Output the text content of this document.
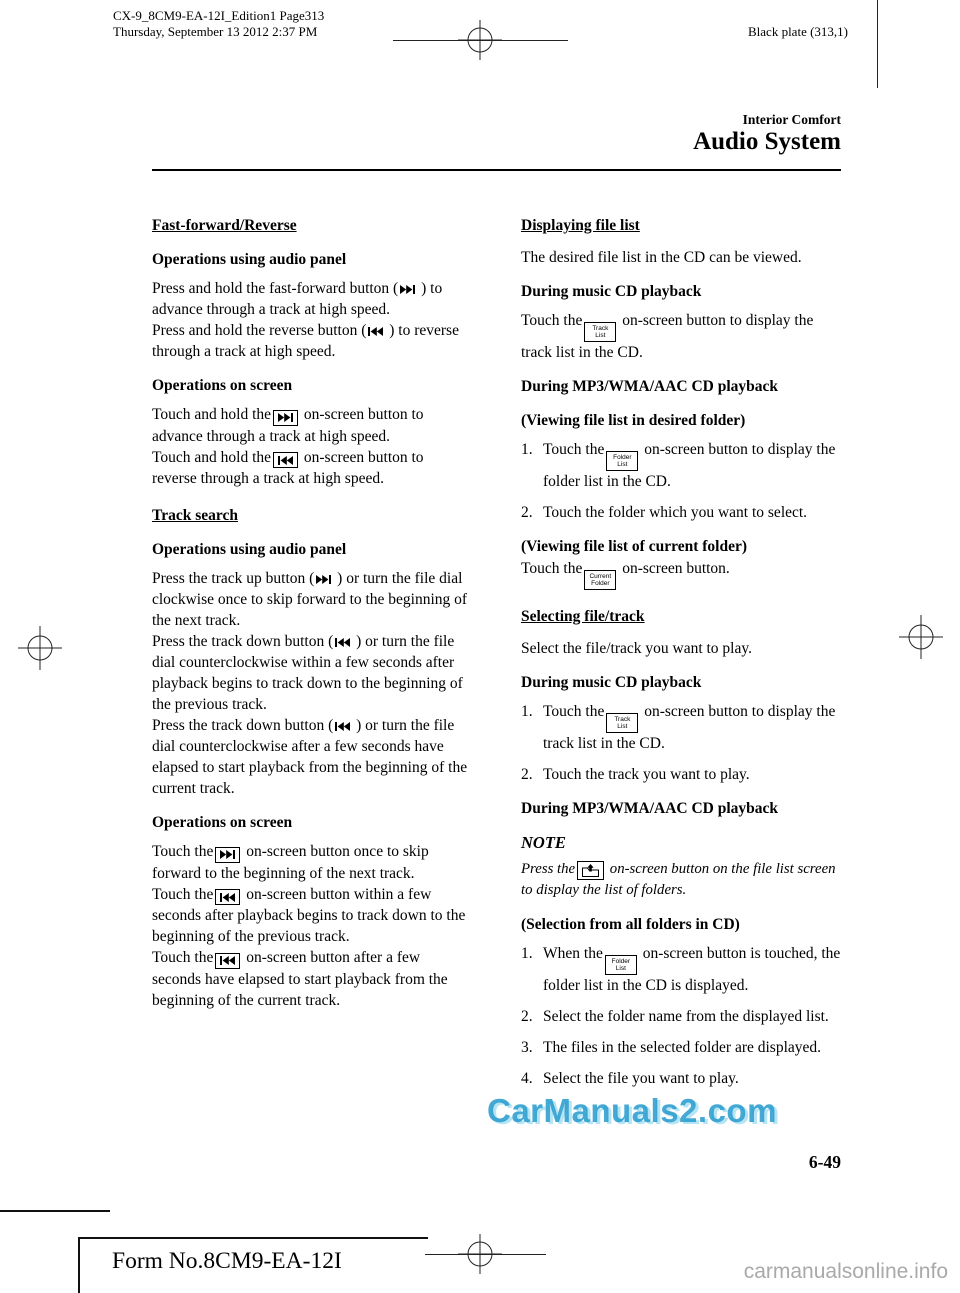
CX-9_8CM9-EA-12I_Edition1 Page313
Thursday, September 13 2012 2:37 PM	Black plate (313,1)
Interior Comfort
Audio System
Fast-forward/Reverse
Operations using audio panel
Press and hold the fast-forward button (
) to advance through a track at high speed.
Press and hold the reverse button (
) to reverse through a track at high speed.
Operations on screen
Touch and hold the
on-screen button to advance through a track at high speed.
Touch and hold the
on-screen button to reverse through a track at high speed.
Track search
Operations using audio panel
Press the track up button (
) or turn the file dial clockwise once to skip forward to the beginning of the next track.
Press the track down button (
) or turn the file dial counterclockwise within a few seconds after playback begins to track down to the beginning of the previous track.
Press the track down button (
) or turn the file dial counterclockwise after a few seconds have elapsed to start playback from the beginning of the current track.
Operations on screen
Touch the
on-screen button once to skip forward to the beginning of the next track.
Touch the
on-screen button within a few seconds after playback begins to track down to the beginning of the previous track.
Touch the
on-screen button after a few seconds have elapsed to start playback from the beginning of the current track.
Displaying file list
The desired file list in the CD can be viewed.
During music CD playback
Touch the Track
List
on-screen button to display the track list in the CD.
During MP3/WMA/AAC CD playback
(Viewing file list in desired folder)
1. Touch the Folder
List
on-screen button to display the folder list in the CD.
2. Touch the folder which you want to select.
(Viewing file list of current folder)
Touch the Current
Folder
on-screen button.
Selecting file/track
Select the file/track you want to play.
During music CD playback
1. Touch the Track
List
on-screen button to display the track list in the CD.
2. Touch the track you want to play.
During MP3/WMA/AAC CD playback
NOTE
Press the
on-screen button on the file list screen to display the list of folders.
(Selection from all folders in CD)
1. When the Folder
List
on-screen button is touched, the folder list in the CD is displayed.
2. Select the folder name from the displayed list.
3. The files in the selected folder are displayed.
4. Select the file you want to play.
6-49
Form No.8CM9-EA-12I
CarManuals2.com
carmanualsonline.info
